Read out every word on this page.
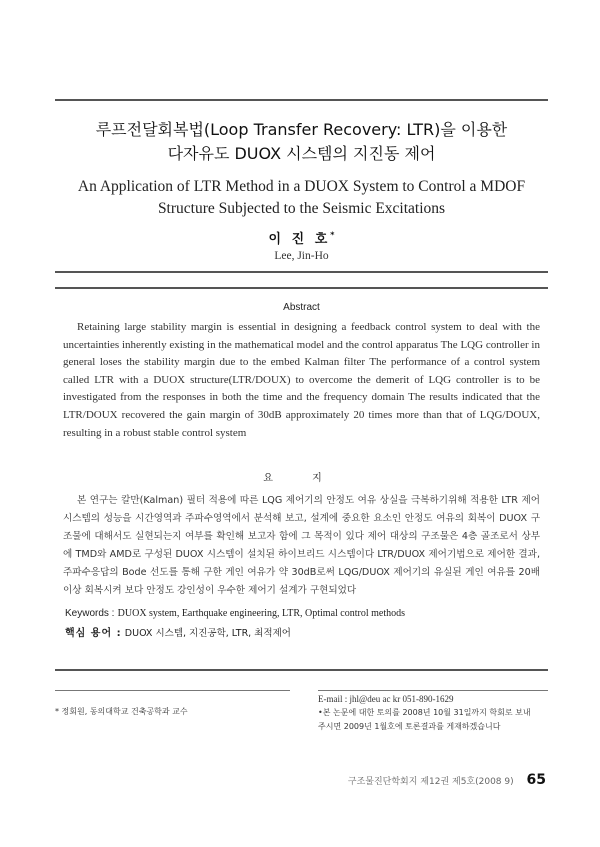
루프전달회복법(Loop Transfer Recovery: LTR)을 이용한
다자유도 DUOX 시스템의 지진동 제어
An Application of LTR Method in a DUOX System to Control a MDOF
Structure Subjected to the Seismic Excitations
이 진 호*
Lee, Jin-Ho
Abstract
Retaining large stability margin is essential in designing a feedback control system to deal with the uncertainties inherently existing in the mathematical model and the control apparatus The LQG controller in general loses the stability margin due to the embed Kalman filter The performance of a control system called LTR with a DUOX structure(LTR/DOUX) to overcome the demerit of LQG controller is to be investigated from the responses in both the time and the frequency domain The results indicated that the LTR/DOUX recovered the gain margin of 30dB approximately 20 times more than that of LQG/DOUX, resulting in a robust stable control system
요 지
본 연구는 칼만(Kalman) 필터 적용에 따른 LQG 제어기의 안정도 여유 상실을 극복하기위해 적용한 LTR 제어 시스템의 성능을 시간영역과 주파수영역에서 분석해 보고, 설계에 중요한 요소인 안정도 여유의 회복이 DUOX 구조물에 대해서도 실현되는지 여부를 확인해 보고자 함에 그 목적이 있다 제어 대상의 구조물은 4층 골조로서 상부에 TMD와 AMD로 구성된 DUOX 시스템이 설치된 하이브리드 시스템이다 LTR/DUOX 제어기법으로 제어한 결과, 주파수응답의 Bode 선도를 통해 구한 게인 여유가 약 30dB로써 LQG/DUOX 제어기의 유실된 게인 여유를 20배 이상 회복시켜 보다 안정도 강인성이 우수한 제어기 설계가 구현되었다
Keywords : DUOX system, Earthquake engineering, LTR, Optimal control methods
핵심 용어 : DUOX 시스템, 지진공학, LTR, 최적제어
* 정회원, 동의대학교 건축공학과 교수
E-mail : jhl@deu ac kr 051-890-1629
•본 논문에 대한 토의를 2008년 10월 31일까지 학회로 보내
주시면 2009년 1월호에 토론결과를 게재하겠습니다
구조물진단학회지 제12권 제5호(2008 9) 65
